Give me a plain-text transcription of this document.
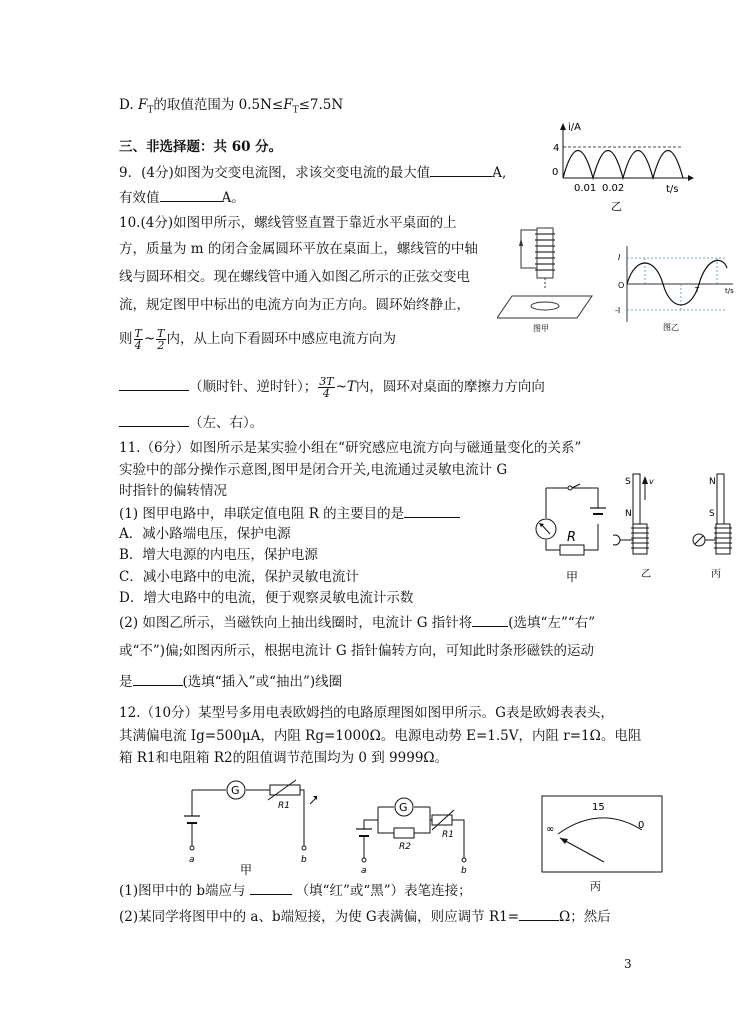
D. $F_T$的取值范围为 $0.5N\le F_T\le 7.5N$
三、非选择题：共 60 分。
9．(4分)如图为交变电流图，求该交变电流的最大值	A,
有效值	A。
i/A
4
0
t/s
0.01 0.02
乙
10.(4分)如图甲所示，螺线管竖直置于靠近水平桌面的上
方，质量为 m 的闭合金属圆环平放在桌面上，螺线管的中轴
线与圆环相交。现在螺线管中通入如图乙所示的正弦交变电
流，规定图甲中标出的电流方向为正方向。圆环始终静止，
则 $\frac{T}{4}$ ~ $\frac{T}{2}$ 内，从上向下看圆环中感应电流方向为
（顺时针、逆时针）； $\frac{3T}{4}$ ~T内，圆环对桌面的摩擦力方向向
（左、右）。
图甲
I
-I
O
t/s
T
图乙
11.（6分）如图所示是某实验小组在“研究感应电流方向与磁通量变化的关系”
实验中的部分操作示意图,图甲是闭合开关,电流通过灵敏电流计 G
时指针的偏转情况
(1) 图甲电路中，串联定值电阻 R 的主要目的是
A．减小路端电压，保护电源
B．增大电源的内电压，保护电源
C．减小电路中的电流，保护灵敏电流计
D．增大电路中的电流，便于观察灵敏电流计示数
(2) 如图乙所示，当磁铁向上抽出线圈时，电流计 G 指针将	(选填“左”“右”
或“不”)偏;如图丙所示，根据电流计 G 指针偏转方向，可知此时条形磁铁的运动
是	(选填“插入”或“抽出”)线圈
R
甲
S
N
v
乙
N
S
丙
12.（10分）某型号多用电表欧姆挡的电路原理图如图甲所示。G表是欧姆表表头，
其满偏电流 Ig=500μA，内阻 Rg=1000Ω。电源电动势 E=1.5V，内阻 r=1Ω。电阻
箱 R1和电阻箱 R2的阻值调节范围均为 0 到 9999Ω。
G
R1
a	b
甲
G
R2
R1
a	b
15
0
∞
丙
(1)图甲中的 b端应与	（填“红”或“黑”）表笔连接；
(2)某同学将图甲中的 a、b端短接，为使 G表满偏，则应调节 R1=	Ω；然后
3
